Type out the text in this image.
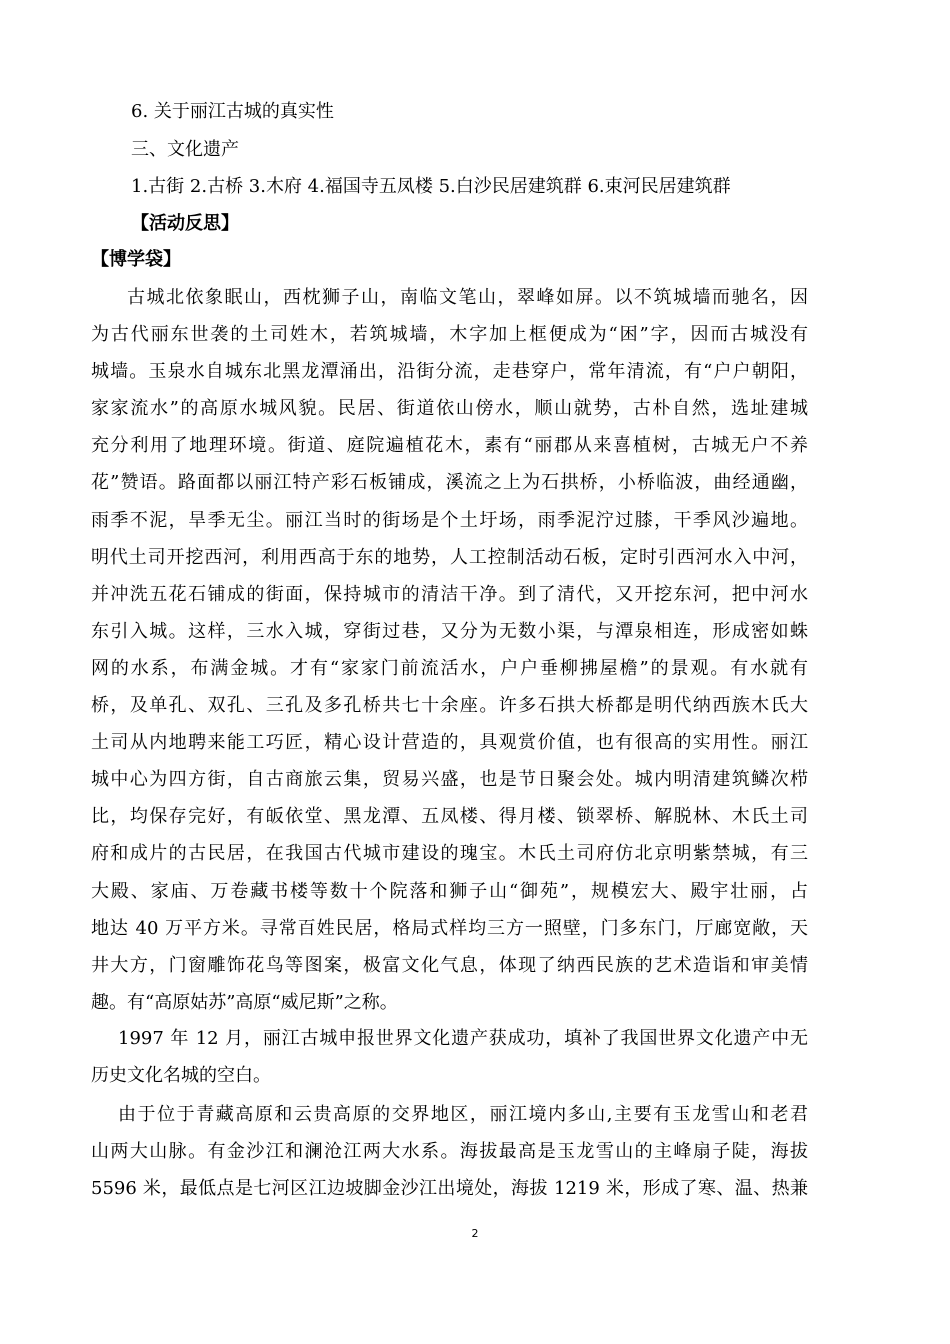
6. 关于丽江古城的真实性
三、文化遗产
1.古街 2.古桥 3.木府 4.福国寺五凤楼 5.白沙民居建筑群 6.束河民居建筑群
【活动反思】
【博学袋】
古城北依象眠山，西枕狮子山，南临文笔山，翠峰如屏。以不筑城墙而驰名，因
为古代丽东世袭的土司姓木，若筑城墙，木字加上框便成为“困”字，因而古城没有
城墙。玉泉水自城东北黑龙潭涌出，沿街分流，走巷穿户，常年清流，有“户户朝阳，
家家流水”的高原水城风貌。民居、街道依山傍水，顺山就势，古朴自然，选址建城
充分利用了地理环境。街道、庭院遍植花木，素有“丽郡从来喜植树，古城无户不养
花”赞语。路面都以丽江特产彩石板铺成，溪流之上为石拱桥，小桥临波，曲经通幽，
雨季不泥，旱季无尘。丽江当时的街场是个土圩场，雨季泥泞过膝，干季风沙遍地。
明代土司开挖西河，利用西高于东的地势，人工控制活动石板，定时引西河水入中河，
并冲洗五花石铺成的街面，保持城市的清洁干净。到了清代，又开挖东河，把中河水
东引入城。这样，三水入城，穿街过巷，又分为无数小渠，与潭泉相连，形成密如蛛
网的水系，布满金城。才有“家家门前流活水，户户垂柳拂屋檐”的景观。有水就有
桥，及单孔、双孔、三孔及多孔桥共七十余座。许多石拱大桥都是明代纳西族木氏大
土司从内地聘来能工巧匠，精心设计营造的，具观赏价值，也有很高的实用性。丽江
城中心为四方街，自古商旅云集，贸易兴盛，也是节日聚会处。城内明清建筑鳞次栉
比，均保存完好，有皈依堂、黑龙潭、五凤楼、得月楼、锁翠桥、解脱林、木氏土司
府和成片的古民居，在我国古代城市建设的瑰宝。木氏土司府仿北京明紫禁城，有三
大殿、家庙、万卷藏书楼等数十个院落和狮子山“御苑”，规模宏大、殿宇壮丽，占
地达 40 万平方米。寻常百姓民居，格局式样均三方一照壁，门多东门，厅廊宽敞，天
井大方，门窗雕饰花鸟等图案，极富文化气息，体现了纳西民族的艺术造诣和审美情
趣。有“高原姑苏”高原“威尼斯”之称。
1997 年 12 月，丽江古城申报世界文化遗产获成功，填补了我国世界文化遗产中无
历史文化名城的空白。
由于位于青藏高原和云贵高原的交界地区，丽江境内多山,主要有玉龙雪山和老君
山两大山脉。有金沙江和澜沧江两大水系。海拔最高是玉龙雪山的主峰扇子陡，海拔
5596 米，最低点是七河区江边坡脚金沙江出境处，海拔 1219 米，形成了寒、温、热兼
2
